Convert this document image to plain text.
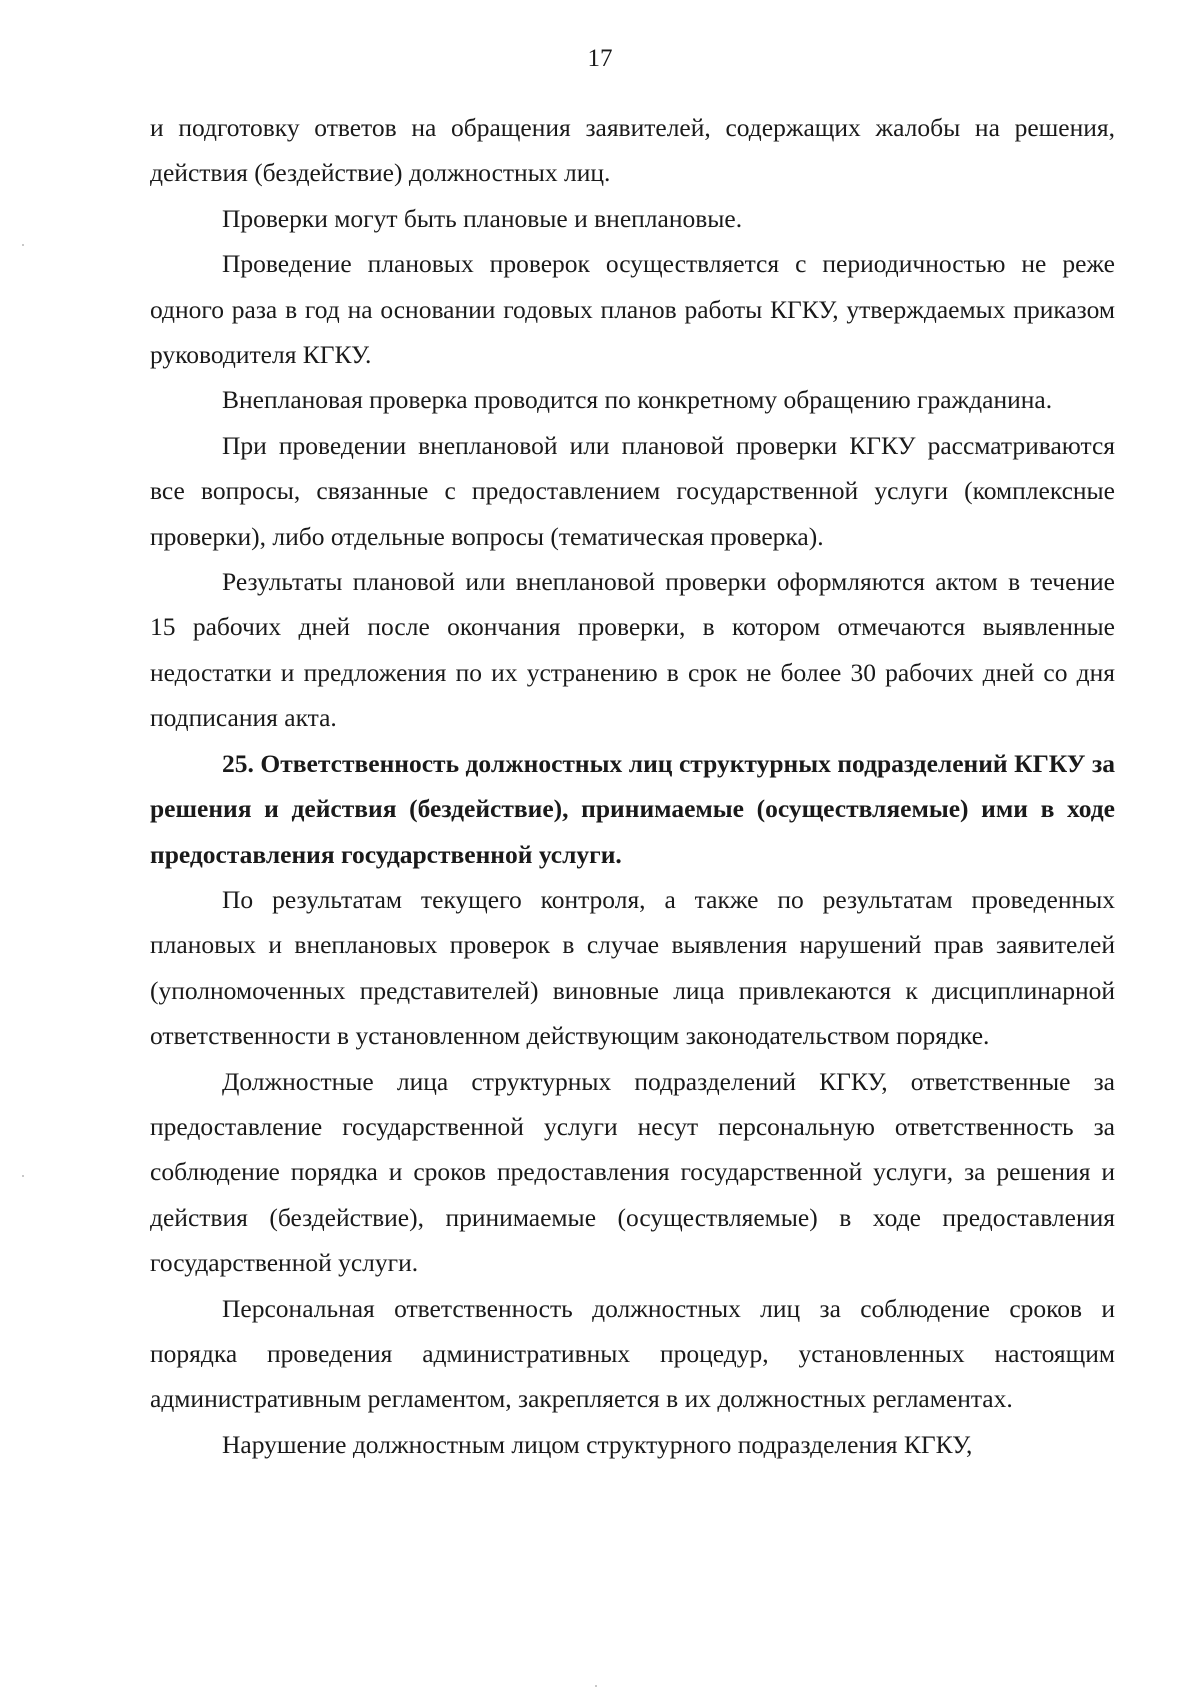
17

и подготовку ответов на обращения заявителей, содержащих жалобы на решения, действия (бездействие) должностных лиц.

Проверки могут быть плановые и внеплановые.

Проведение плановых проверок осуществляется с периодичностью не реже одного раза в год на основании годовых планов работы КГКУ, утверждаемых приказом руководителя КГКУ.

Внеплановая проверка проводится по конкретному обращению гражданина.

При проведении внеплановой или плановой проверки КГКУ рассматриваются все вопросы, связанные с предоставлением государственной услуги (комплексные проверки), либо отдельные вопросы (тематическая проверка).

Результаты плановой или внеплановой проверки оформляются актом в течение 15 рабочих дней после окончания проверки, в котором отмечаются выявленные недостатки и предложения по их устранению в срок не более 30 рабочих дней со дня подписания акта.

25. Ответственность должностных лиц структурных подразделений КГКУ за решения и действия (бездействие), принимаемые (осуществляемые) ими в ходе предоставления государственной услуги.

По результатам текущего контроля, а также по результатам проведенных плановых и внеплановых проверок в случае выявления нарушений прав заявителей (уполномоченных представителей) виновные лица привлекаются к дисциплинарной ответственности в установленном действующим законодательством порядке.

Должностные лица структурных подразделений КГКУ, ответственные за предоставление государственной услуги несут персональную ответственность за соблюдение порядка и сроков предоставления государственной услуги, за решения и действия (бездействие), принимаемые (осуществляемые) в ходе предоставления государственной услуги.

Персональная ответственность должностных лиц за соблюдение сроков и порядка проведения административных процедур, установленных настоящим административным регламентом, закрепляется в их должностных регламентах.

Нарушение должностным лицом структурного подразделения КГКУ,
